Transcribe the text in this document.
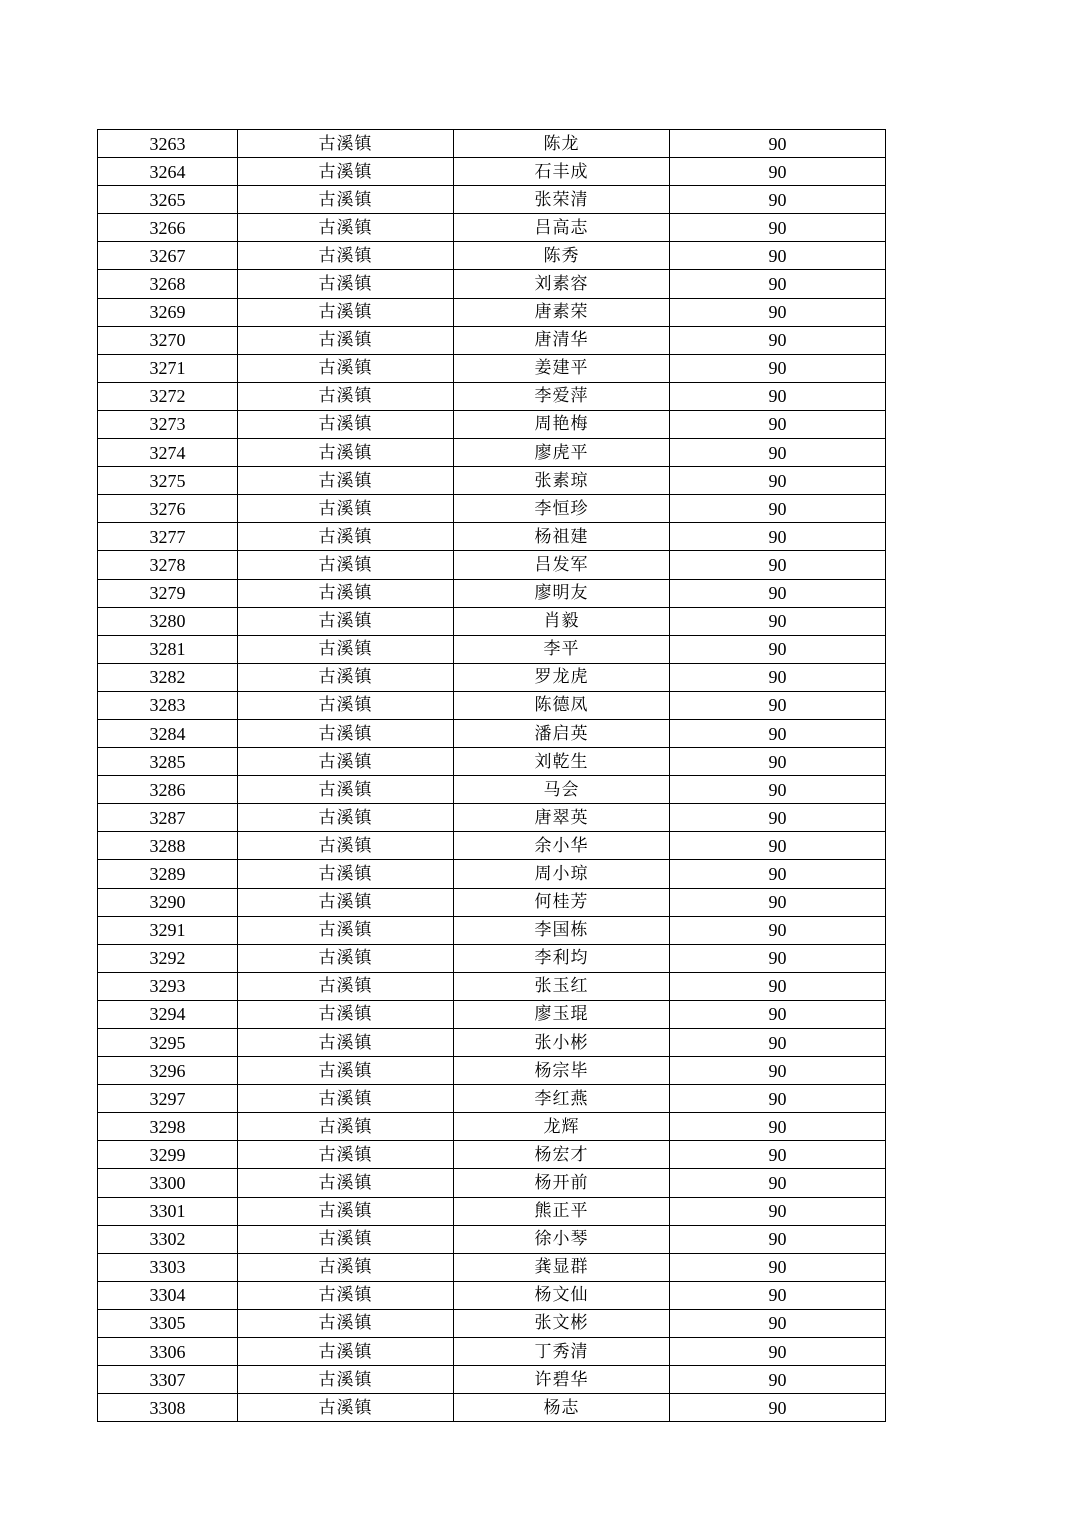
3263	古溪镇	陈龙	90
3264	古溪镇	石丰成	90
3265	古溪镇	张荣清	90
3266	古溪镇	吕高志	90
3267	古溪镇	陈秀	90
3268	古溪镇	刘素容	90
3269	古溪镇	唐素荣	90
3270	古溪镇	唐清华	90
3271	古溪镇	姜建平	90
3272	古溪镇	李爱萍	90
3273	古溪镇	周艳梅	90
3274	古溪镇	廖虎平	90
3275	古溪镇	张素琼	90
3276	古溪镇	李恒珍	90
3277	古溪镇	杨祖建	90
3278	古溪镇	吕发军	90
3279	古溪镇	廖明友	90
3280	古溪镇	肖毅	90
3281	古溪镇	李平	90
3282	古溪镇	罗龙虎	90
3283	古溪镇	陈德凤	90
3284	古溪镇	潘启英	90
3285	古溪镇	刘乾生	90
3286	古溪镇	马会	90
3287	古溪镇	唐翠英	90
3288	古溪镇	余小华	90
3289	古溪镇	周小琼	90
3290	古溪镇	何桂芳	90
3291	古溪镇	李国栋	90
3292	古溪镇	李利均	90
3293	古溪镇	张玉红	90
3294	古溪镇	廖玉琨	90
3295	古溪镇	张小彬	90
3296	古溪镇	杨宗毕	90
3297	古溪镇	李红燕	90
3298	古溪镇	龙辉	90
3299	古溪镇	杨宏才	90
3300	古溪镇	杨开前	90
3301	古溪镇	熊正平	90
3302	古溪镇	徐小琴	90
3303	古溪镇	龚显群	90
3304	古溪镇	杨文仙	90
3305	古溪镇	张文彬	90
3306	古溪镇	丁秀清	90
3307	古溪镇	许碧华	90
3308	古溪镇	杨志	90
